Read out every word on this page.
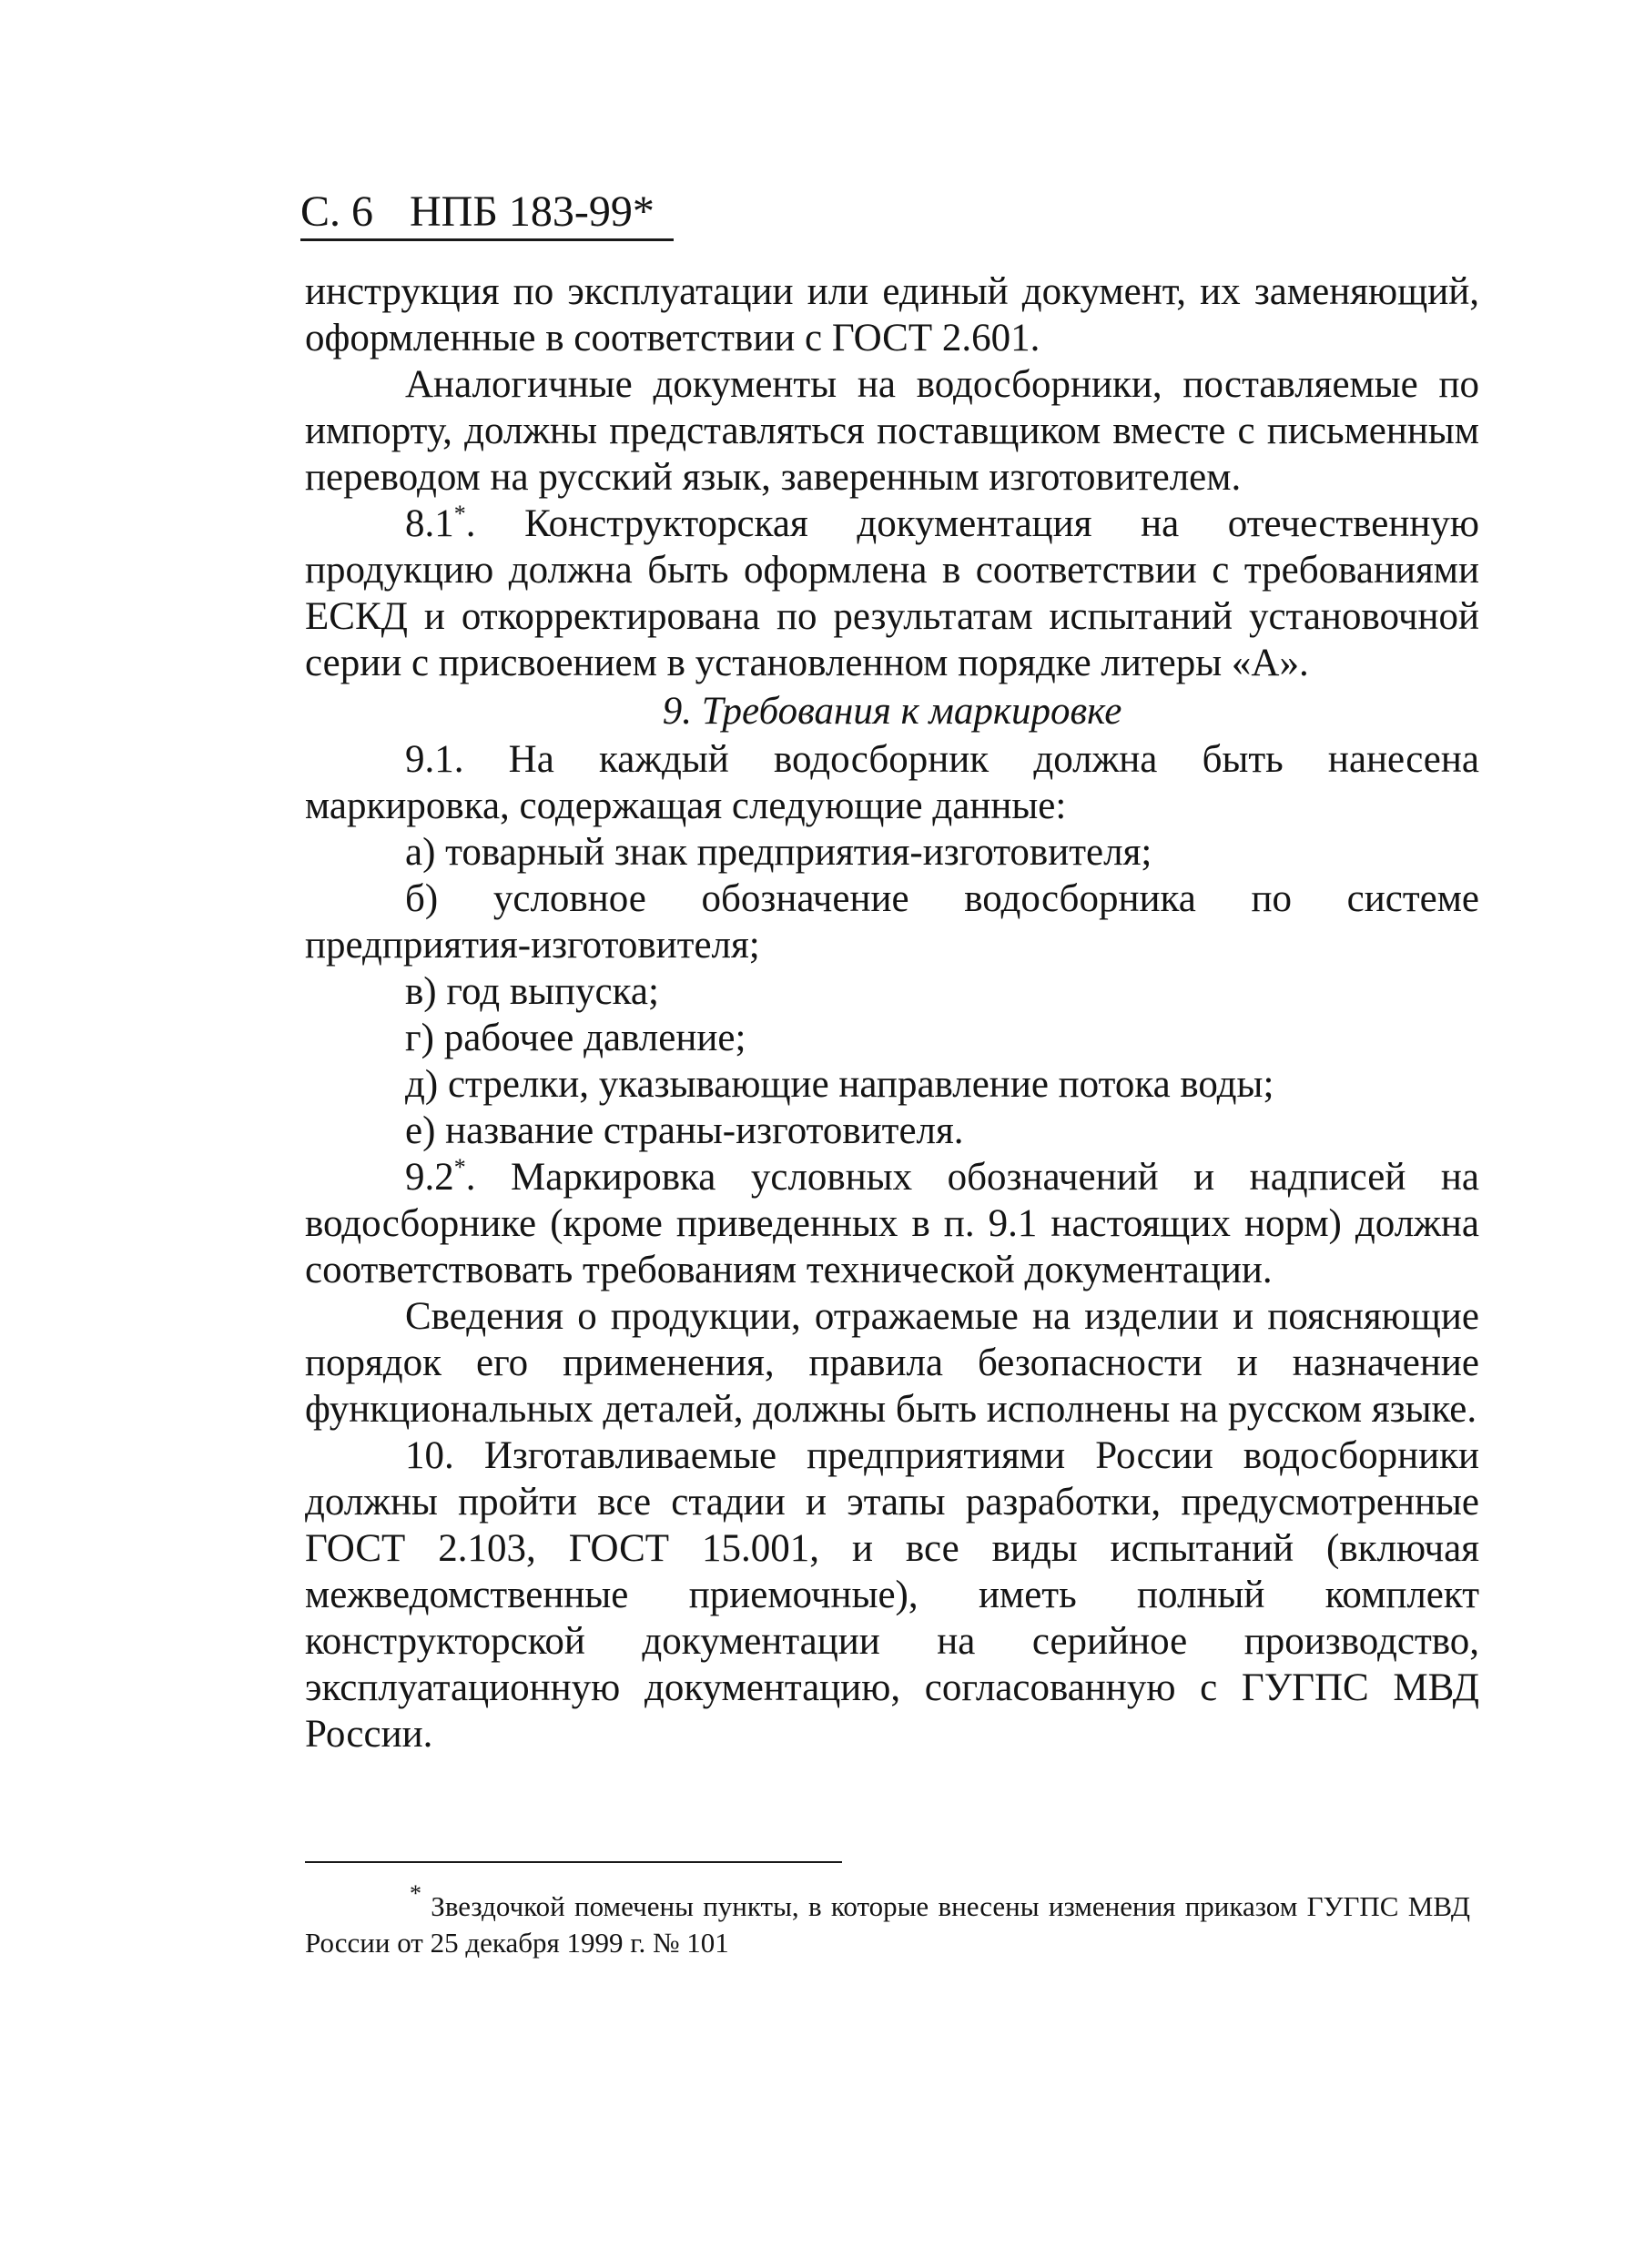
С. 6 НПБ 183-99*

инструкция по эксплуатации или единый документ, их заменяющий, оформленные в соответствии с ГОСТ 2.601.

Аналогичные документы на водосборники, поставляемые по импорту, должны представляться поставщиком вместе с письменным переводом на русский язык, заверенным изготовителем.

8.1*. Конструкторская документация на отечественную продукцию должна быть оформлена в соответствии с требованиями ЕСКД и откорректирована по результатам испытаний установочной серии с присвоением в установленном порядке литеры «А».

9. Требования к маркировке

9.1. На каждый водосборник должна быть нанесена маркировка, содержащая следующие данные:

а) товарный знак предприятия-изготовителя;

б) условное обозначение водосборника по системе предприятия-изготовителя;

в) год выпуска;

г) рабочее давление;

д) стрелки, указывающие направление потока воды;

е) название страны-изготовителя.

9.2*. Маркировка условных обозначений и надписей на водосборнике (кроме приведенных в п. 9.1 настоящих норм) должна соответствовать требованиям технической документации.

Сведения о продукции, отражаемые на изделии и поясняющие порядок его применения, правила безопасности и назначение функциональных деталей, должны быть исполнены на русском языке.

10. Изготавливаемые предприятиями России водосборники должны пройти все стадии и этапы разработки, предусмотренные ГОСТ 2.103, ГОСТ 15.001, и все виды испытаний (включая межведомственные приемочные), иметь полный комплект конструкторской документации на серийное производство, эксплуатационную документацию, согласованную с ГУГПС МВД России.

* Звездочкой помечены пункты, в которые внесены изменения приказом ГУГПС МВД России от 25 декабря 1999 г. № 101
